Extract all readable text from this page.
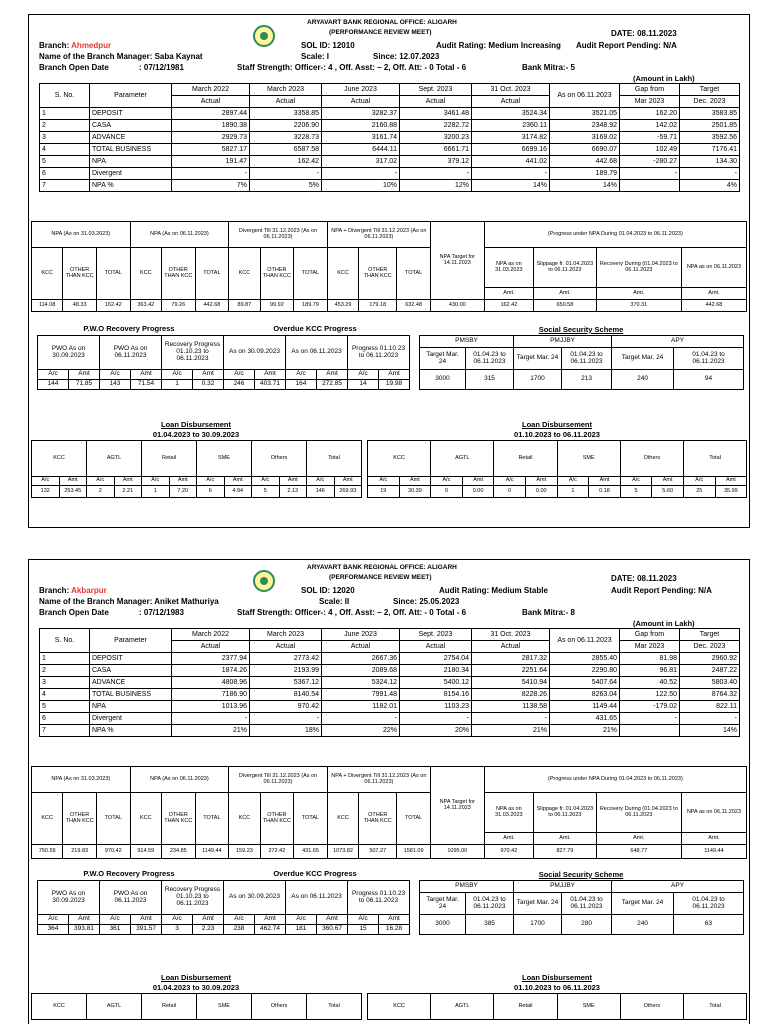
ARYAVART BANK REGIONAL OFFICE: ALIGARH
(PERFORMANCE REVIEW MEET)
Branch: Ahmedpur
Name of the Branch Manager: Saba Kaynat
Branch Open Date	: 07/12/1981
SOL ID: 12010
Scale: I	Since: 12.07.2023
Staff Strength: Officer-: 4 , Off. Asst: – 2, Off. Att: - 0 Total - 6	Bank Mitra:- 5
Audit Rating: Medium Increasing
DATE: 08.11.2023
Audit Report Pending: N/A
(Amount in Lakh)
S. No.	Parameter	March 2022	March 2023	June 2023	Sept. 2023	31 Oct. 2023	As on 06.11.2023	Gap from	Target
		Actual	Actual	Actual	Actual	Actual		Mar 2023	Dec. 2023
1	DEPOSIT	2897.44	3358.85	3282.37	3461.48	3524.34	3521.05	162.20	3583.85
2	CASA	1890.38	2206.90	2160.88	2282.72	2360.11	2348.92	142.02	2501.85
3	ADVANCE	2929.73	3228.73	3161.74	3200.23	3174.82	3169.02	-59.71	3592.56
4	TOTAL BUSINESS	5827.17	6587.58	6444.11	6661.71	6699.16	6690.07	102.49	7176.41
5	NPA	191.47	162.42	317.02	379.12	441.02	442.68	-280.27	134.30
6	Divergent	-	-	-	-	-	189.79	-	-
7	NPA %	7%	5%	10%	12%	14%	14%		4%
NPA (As on 31.03.2023)			NPA (As on 06.11.2023)			Divergent Till 31.12.2023 (As on 06.11.2023)			NPA + Divergent Till 31.12.2023 (As on 06.11.2023)			NPA Target for 14.11.2023	(Progress under NPA During 01.04.2023 to 06.11.2023)			
KCC	OTHER THAN KCC	TOTAL	KCC	OTHER THAN KCC	TOTAL	KCC	OTHER THAN KCC	TOTAL	KCC	OTHER THAN KCC	TOTAL		NPA as on 31.03.2023	Slippage fr. 01.04.2023 to 06.11.2023	Recovery During (01.04.2023 to 06.11.2023	NPA as on 06.11.2023
													Amt.	Amt.	Amt.	Amt.
114.08	48.33	162.42	363.42	79.26	442.68	89.87	99.92	189.79	453.29	179.18	632.48	430.00	162.42	650.58	370.31	442.68
P.W.O Recovery Progress
PWO As on 30.09.2023		PWO As on 06.11.2023		Recovery Progress 01.10.23 to 06.11.2023	
A/c	Amt	A/c	Amt	A/c	Amt
144	71.85	143	71.54	1	0.32
Overdue KCC Progress
As on 30.09.2023		As on 06.11.2023		Progress 01.10.23 to 06.11.2023	
A/c	Amt	A/c	Amt	A/c	Amt
246	403.71	164	272.85	14	19.98
Social Security Scheme
PMSBY		PMJJBY		APY	
Target Mar. 24	01.04.23 to 06.11.2023	Target Mar. 24	01.04.23 to 06.11.2023	Target Mar. 24	01.04.23 to 06.11.2023
3000	315	1700	213	240	94
Loan Disbursement
01.04.2023 to 30.09.2023
KCC		AGTL		Retail		SME		Others		Total	
A/c	Amt	A/c	Amt	A/c	Amt	A/c	Amt	A/c	Amt	A/c	Amt
132	253.45	2	2.21	1	7.20	6	4.94	5	2.13	146	269.93
Loan Disbursement
01.10.2023 to 06.11.2023
KCC		AGTL		Retail		SME		Others		Total	
A/c	Amt	A/c	Amt	A/c	Amt	A/c	Amt	A/c	Amt	A/c	Amt
19	30.39	0	0.00	0	0.00	1	0.18	5	5.60	25	35.99
ARYAVART BANK REGIONAL OFFICE: ALIGARH
(PERFORMANCE REVIEW MEET)
Branch: Akbarpur
Name of the Branch Manager: Aniket Mathuriya
Branch Open Date	: 07/12/1983
SOL ID: 12020
Scale: II	Since: 25.05.2023
Staff Strength: Officer-: 4 , Off. Asst: – 2, Off. Att: - 0 Total - 6	Bank Mitra:- 8
Audit Rating: Medium Stable
DATE: 08.11.2023
Audit Report Pending: N/A
(Amount in Lakh)
S. No.	Parameter	March 2022	March 2023	June 2023	Sept. 2023	31 Oct. 2023	As on 06.11.2023	Gap from	Target
		Actual	Actual	Actual	Actual	Actual		Mar 2023	Dec. 2023
1	DEPOSIT	2377.94	2773.42	2667.36	2754.04	2817.32	2855.40	81.98	2960.92
2	CASA	1874.26	2193.99	2089.68	2180.34	2251.64	2290.80	96.81	2487.22
3	ADVANCE	4808.96	5367.12	5324.12	5400.12	5410.94	5407.64	40.52	5803.40
4	TOTAL BUSINESS	7186.90	8140.54	7991.48	8154.16	8228.26	8263.04	122.50	8764.32
5	NPA	1013.96	970.42	1182.01	1103.23	1138.58	1149.44	-179.02	822.11
6	Divergent	-	-	-	-	-	431.65	-	-
7	NPA %	21%	18%	22%	20%	21%	21%		14%
NPA (As on 31.03.2023)			NPA (As on 06.11.2023)			Divergent Till 31.12.2023 (As on 06.11.2023)			NPA + Divergent Till 31.12.2023 (As on 06.11.2023)			NPA Target for 14.11.2023	(Progress under NPA During 01.04.2023 to 06.11.2023)			
KCC	OTHER THAN KCC	TOTAL	KCC	OTHER THAN KCC	TOTAL	KCC	OTHER THAN KCC	TOTAL	KCC	OTHER THAN KCC	TOTAL		NPA as on 31.03.2023	Slippage fr. 01.04.2023 to 06.11.2023	Recovery During (01.04.2023 to 06.11.2023	NPA as on 06.11.2023
													Amt.	Amt.	Amt.	Amt.
750.59	219.83	970.42	914.59	234.85	1149.44	159.23	272.42	431.65	1073.82	507.27	1581.09	1095.00	970.42	827.79	648.77	1149.44
P.W.O Recovery Progress
PWO As on 30.09.2023		PWO As on 06.11.2023		Recovery Progress 01.10.23 to 06.11.2023	
A/c	Amt	A/c	Amt	A/c	Amt
364	393.81	361	391.57	3	2.23
Overdue KCC Progress
As on 30.09.2023		As on 06.11.2023		Progress 01.10.23 to 06.11.2023	
A/c	Amt	A/c	Amt	A/c	Amt
238	462.74	181	360.67	15	16.28
Social Security Scheme
PMSBY		PMJJBY		APY	
Target Mar. 24	01.04.23 to 06.11.2023	Target Mar. 24	01.04.23 to 06.11.2023	Target Mar. 24	01.04.23 to 06.11.2023
3000	385	1700	280	240	63
Loan Disbursement
01.04.2023 to 30.09.2023
KCC	AGTL	Retail	SME	Others	Total
Loan Disbursement
01.10.2023 to 06.11.2023
KCC	AGTL	Retail	SME	Others	Total
